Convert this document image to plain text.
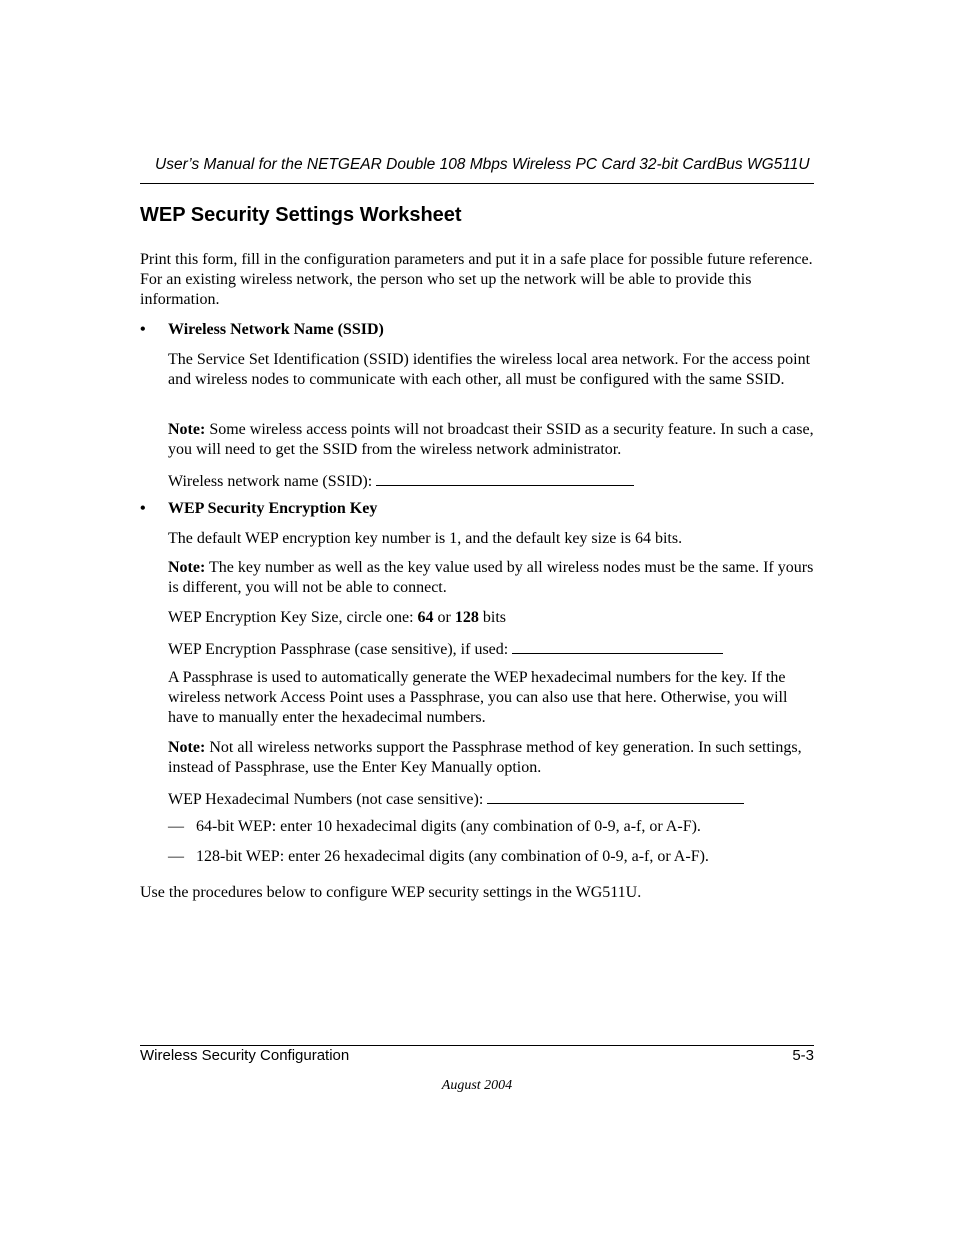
User’s Manual for the NETGEAR Double 108 Mbps Wireless PC Card 32-bit CardBus WG511U
WEP Security Settings Worksheet
Print this form, fill in the configuration parameters and put it in a safe place for possible future reference. For an existing wireless network, the person who set up the network will be able to provide this information.
• Wireless Network Name (SSID)
The Service Set Identification (SSID) identifies the wireless local area network. For the access point and wireless nodes to communicate with each other, all must be configured with the same SSID.
Note: Some wireless access points will not broadcast their SSID as a security feature. In such a case, you will need to get the SSID from the wireless network administrator.
Wireless network name (SSID):
• WEP Security Encryption Key
The default WEP encryption key number is 1, and the default key size is 64 bits.
Note: The key number as well as the key value used by all wireless nodes must be the same. If yours is different, you will not be able to connect.
WEP Encryption Key Size, circle one: 64 or 128 bits
WEP Encryption Passphrase (case sensitive), if used:
A Passphrase is used to automatically generate the WEP hexadecimal numbers for the key. If the wireless network Access Point uses a Passphrase, you can also use that here. Otherwise, you will have to manually enter the hexadecimal numbers.
Note: Not all wireless networks support the Passphrase method of key generation. In such settings, instead of Passphrase, use the Enter Key Manually option.
WEP Hexadecimal Numbers (not case sensitive):
— 64-bit WEP: enter 10 hexadecimal digits (any combination of 0-9, a-f, or A-F).
— 128-bit WEP: enter 26 hexadecimal digits (any combination of 0-9, a-f, or A-F).
Use the procedures below to configure WEP security settings in the WG511U.
Wireless Security Configuration	5-3
August 2004
